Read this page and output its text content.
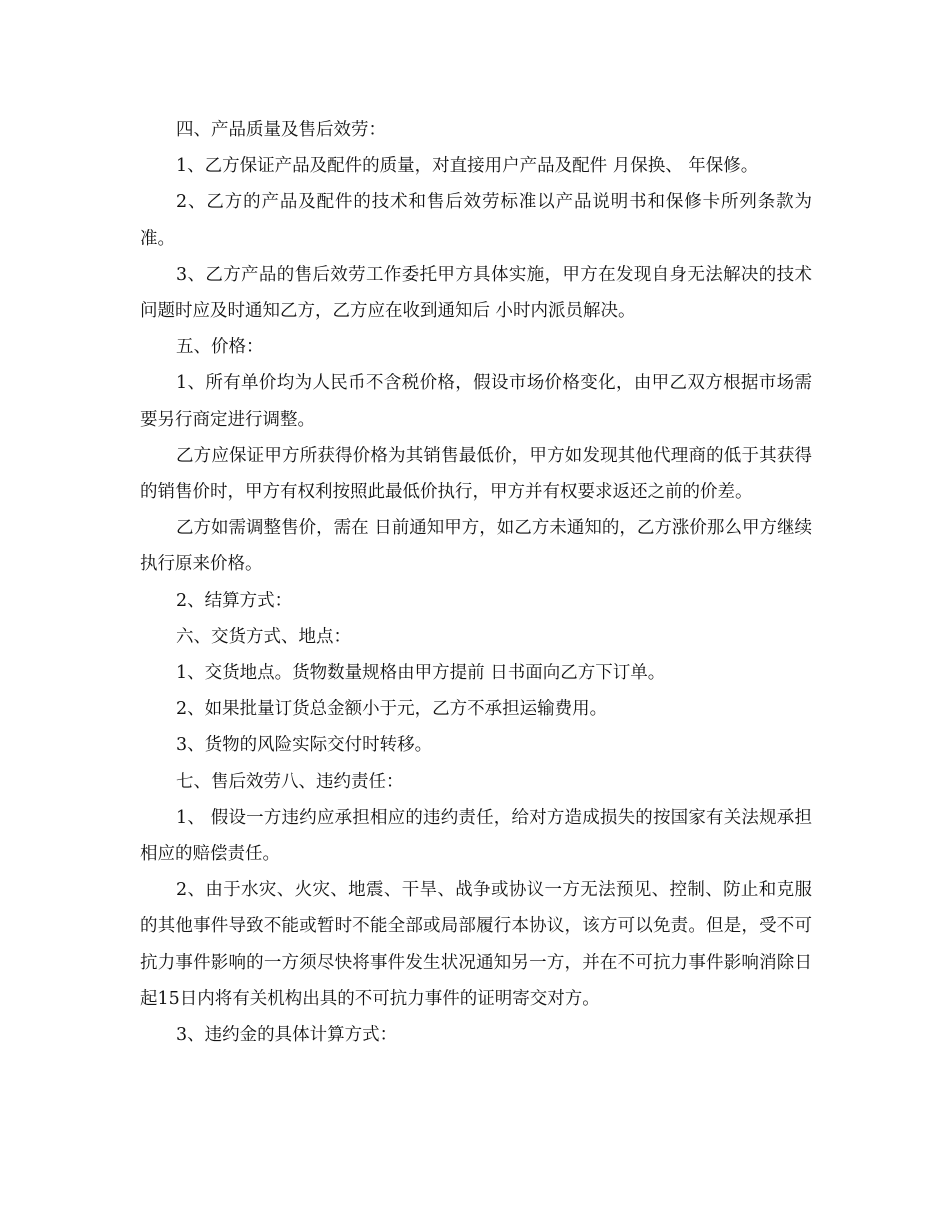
四、产品质量及售后效劳：

1、乙方保证产品及配件的质量，对直接用户产品及配件 月保换、 年保修。

2、乙方的产品及配件的技术和售后效劳标准以产品说明书和保修卡所列条款为准。

3、乙方产品的售后效劳工作委托甲方具体实施，甲方在发现自身无法解决的技术问题时应及时通知乙方，乙方应在收到通知后 小时内派员解决。

五、价格：

1、所有单价均为人民币不含税价格，假设市场价格变化，由甲乙双方根据市场需要另行商定进行调整。

乙方应保证甲方所获得价格为其销售最低价，甲方如发现其他代理商的低于其获得的销售价时，甲方有权利按照此最低价执行，甲方并有权要求返还之前的价差。

乙方如需调整售价，需在 日前通知甲方，如乙方未通知的，乙方涨价那么甲方继续执行原来价格。

2、结算方式：

六、交货方式、地点：

1、交货地点。货物数量规格由甲方提前 日书面向乙方下订单。

2、如果批量订货总金额小于元，乙方不承担运输费用。

3、货物的风险实际交付时转移。

七、售后效劳八、违约责任：

1、 假设一方违约应承担相应的违约责任，给对方造成损失的按国家有关法规承担相应的赔偿责任。

2、由于水灾、火灾、地震、干旱、战争或协议一方无法预见、控制、防止和克服的其他事件导致不能或暂时不能全部或局部履行本协议，该方可以免责。但是，受不可抗力事件影响的一方须尽快将事件发生状况通知另一方，并在不可抗力事件影响消除日起15日内将有关机构出具的不可抗力事件的证明寄交对方。

3、违约金的具体计算方式：
